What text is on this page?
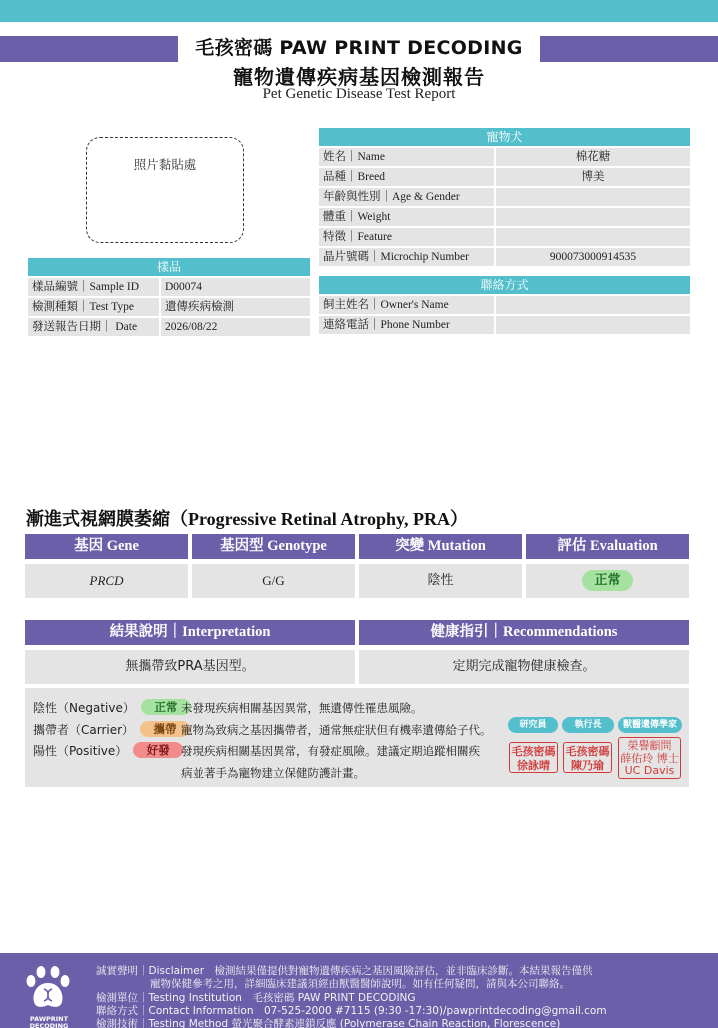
毛孩密碼 PAW PRINT DECODING
寵物遺傳疾病基因檢測報告
Pet Genetic Disease Test Report
照片黏貼處
寵物犬
姓名｜Name	棉花糖
品種｜Breed	博美
年齡與性別｜Age & Gender
體重｜Weight
特徵｜Feature
晶片號碼｜Microchip Number	900073000914535
樣品
樣品編號｜Sample ID	D00074
檢測種類｜Test Type	遺傳疾病檢測
發送報告日期｜ Date	2026/08/22
聯絡方式
飼主姓名｜Owner's Name
連絡電話｜Phone Number
漸進式視網膜萎縮（Progressive Retinal Atrophy, PRA）
基因 Gene	基因型 Genotype	突變 Mutation	評估 Evaluation
PRCD	G/G	陰性	正常
結果說明｜Interpretation	健康指引｜Recommendations
無攜帶致PRA基因型。	定期完成寵物健康檢查。
陰性（Negative） 正常 未發現疾病相關基因異常，無遺傳性罹患風險。
攜帶者（Carrier） 攜帶 寵物為致病之基因攜帶者，通常無症狀但有機率遺傳給子代。
陽性（Positive） 好發 發現疾病相關基因異常，有發症風險。建議定期追蹤相關疾
病並著手為寵物建立保健防護計畫。
研究員	執行長	獸醫遺傳學家
毛孩密碼
徐詠晴
毛孩密碼
陳乃瑜
榮譽顧問
薛佑玲 博士
UC Davis
PAWPRINT
DECODING
誠實聲明｜Disclaimer　檢測結果僅提供對寵物遺傳疾病之基因風險評估，並非臨床診斷。本結果報告僅供
寵物保健參考之用，詳細臨床建議須經由獸醫醫師說明。如有任何疑問，請與本公司聯絡。
檢測單位｜Testing Institution　毛孩密碼 PAW PRINT DECODING
聯絡方式｜Contact Information　07-525-2000 #7115 (9:30 -17:30)/pawprintdecoding@gmail.com
檢測技術｜Testing Method 螢光聚合酵素連鎖反應 (Polymerase Chain Reaction, Florescence)
